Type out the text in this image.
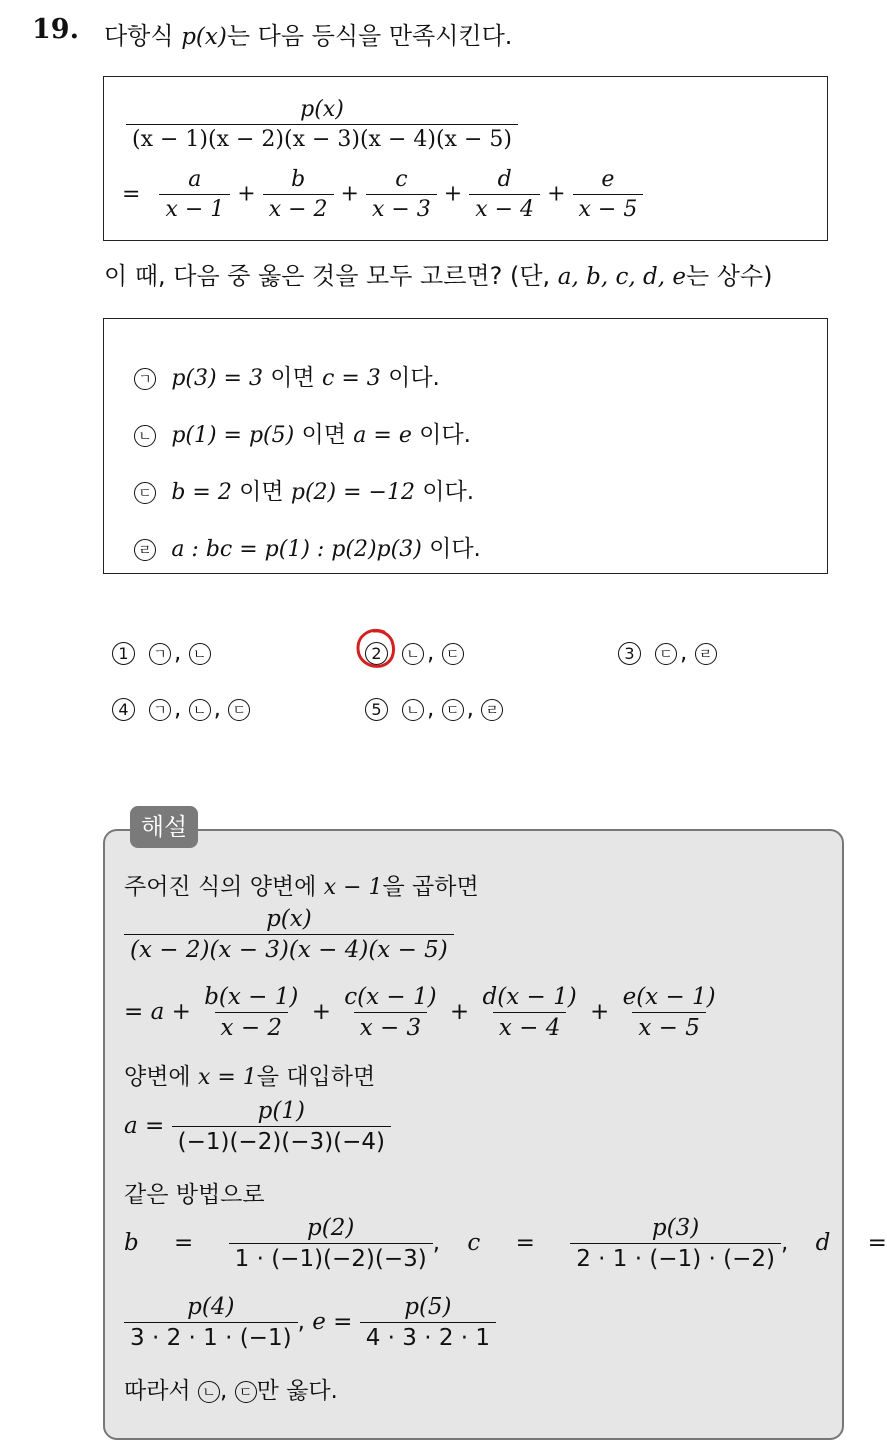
19. 다항식 p(x)는 다음 등식을 만족시킨다.
$\frac{p(x)}{(x - 1)(x - 2)(x - 3)(x - 4)(x - 5)}$
= $\frac{a}{x - 1} + \frac{b}{x - 2} + \frac{c}{x - 3} + \frac{d}{x - 4} + \frac{e}{x - 5}$
이 때, 다음 중 옳은 것을 모두 고르면? (단, a, b, c, d, e는 상수)
ㄱ p(3) = 3 이면 c = 3 이다.
ㄴ p(1) = p(5) 이면 a = e 이다.
ㄷ b = 2 이면 p(2) = −12 이다.
ㄹ a : bc = p(1) : p(2)p(3) 이다.
1 ㄱ , ㄴ	2 ㄴ , ㄷ	3 ㄷ , ㄹ
4 ㄱ , ㄴ , ㄷ	5 ㄴ , ㄷ , ㄹ
해설
주어진 식의 양변에 x − 1을 곱하면
$\frac{p(x)}{(x - 2)(x - 3)(x - 4)(x - 5)}$
= $a + \frac{b(x - 1)}{x - 2} + \frac{c(x - 1)}{x - 3} + \frac{d(x - 1)}{x - 4} + \frac{e(x - 1)}{x - 5}$
양변에 x = 1을 대입하면
$a = \frac{p(1)}{(-1)(-2)(-3)(-4)}$
같은 방법으로
$b = \frac{p(2)}{1 \cdot (-1)(-2)(-3)}$ , $c = \frac{p(3)}{2 \cdot 1 \cdot (-1) \cdot (-2)}$ , d =
$\frac{p(4)}{3 \cdot 2 \cdot 1 \cdot (-1)}$ , $e = \frac{p(5)}{4 \cdot 3 \cdot 2 \cdot 1}$
따라서 ㄴ , ㄷ 만 옳다.
